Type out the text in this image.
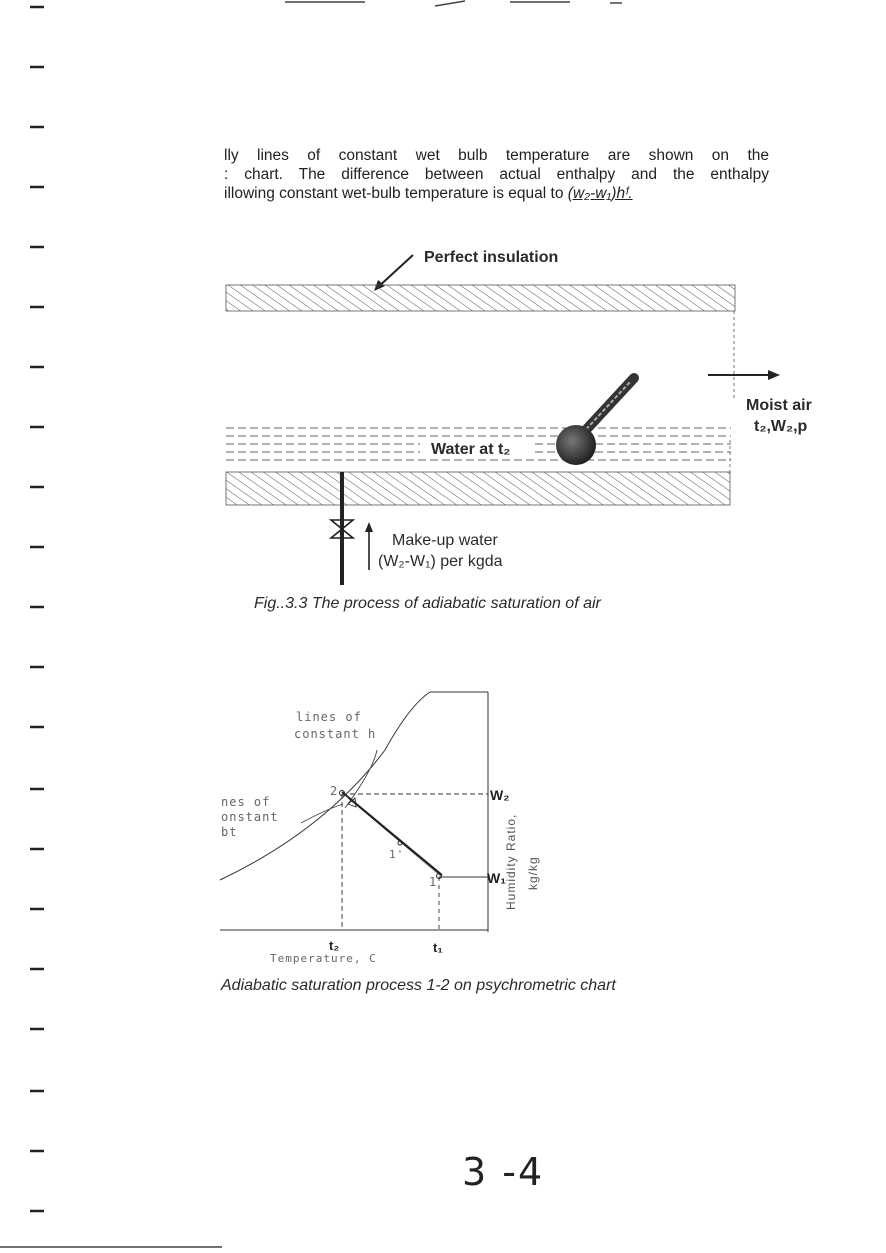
lly lines of constant wet bulb temperature are shown on the
: chart. The difference between actual enthalpy and the enthalpy
illowing constant wet-bulb temperature is equal to (w₂-w₁)hᶠ.
Perfect insulation
Water at t₂
Moist air
t₂,W₂,p
Make-up water
(W₂-W₁) per kgda
Fig..3.3 The process of adiabatic saturation of air
Humidity Ratio, kg/kg
lines of
constant h
nes of
onstant
bt
2
1
1'
W₂
W₁
t₂	t₁
Temperature, C
Adiabatic saturation process 1-2 on psychrometric chart
3 -4
